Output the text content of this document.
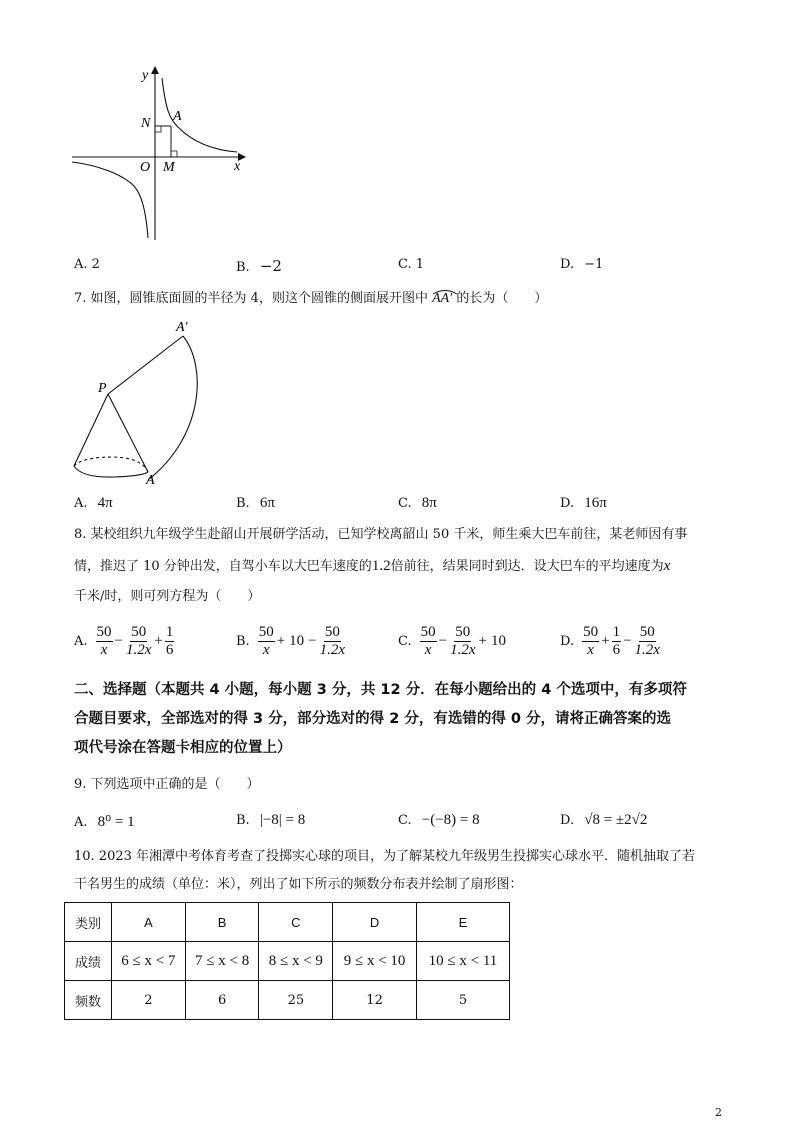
y
x
O
A
N
M
A. 2	B. −2	C. 1	D. −1
7. 如图，圆锥底面圆的半径为 4，则这个圆锥的侧面展开图中
AA′ 的长为（　　）
P
A′
A
A. 4π	B. 6π	C. 8π	D. 16π
8. 某校组织九年级学生赴韶山开展研学活动，已知学校离韶山 50 千米，师生乘大巴车前往，某老师因有事
情，推迟了 10 分钟出发，自驾小车以大巴车速度的1.2倍前往，结果同时到达．设大巴车的平均速度为x
千米/时，则可列方程为（　　）
A. $\frac{50}{x} - \frac{50}{1.2x} + \frac{1}{6}$	B. $\frac{50}{x} + 10 - \frac{50}{1.2x}$	C. $\frac{50}{x} - \frac{50}{1.2x} + 10$	D. $\frac{50}{x} + \frac{1}{6} - \frac{50}{1.2x}$
二、选择题（本题共 4 小题，每小题 3 分，共 12 分．在每小题给出的 4 个选项中，有多项符
合题目要求，全部选对的得 3 分，部分选对的得 2 分，有选错的得 0 分，请将正确答案的选
项代号涂在答题卡相应的位置上）
9. 下列选项中正确的是（　　）
A. 8⁰ = 1	B. |−8| = 8	C. −(−8) = 8	D. √8 = ±2√2
10. 2023 年湘潭中考体育考查了投掷实心球的项目，为了解某校九年级男生投掷实心球水平．随机抽取了若
干名男生的成绩（单位：米），列出了如下所示的频数分布表并绘制了扇形图：
类别	A	B	C	D	E
成绩	6 ≤ x < 7	7 ≤ x < 8	8 ≤ x < 9	9 ≤ x < 10	10 ≤ x < 11
频数	2	6	25	12	5
2
